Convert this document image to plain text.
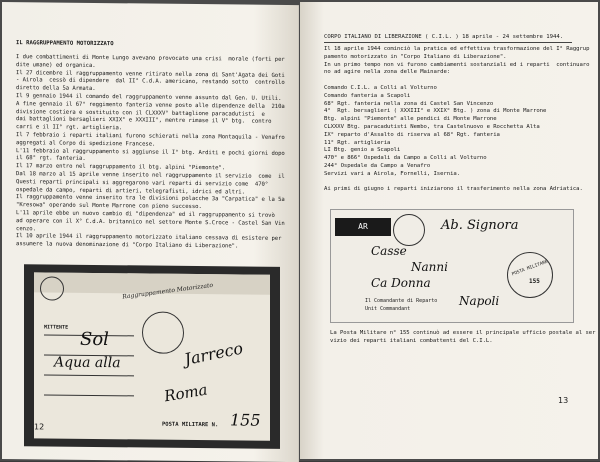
IL RAGGRUPPAMENTO MOTORIZZATO
I due combattimenti di Monte Lungo avevano provocato una crisi  morale (forti per
dite umane) ed organica.
Il 27 dicembre il raggruppamento venne ritirato nella zona di Sant'Agata dei Goti
- Airola  cessò di dipendere  dal II° C.d.A. americano, restando sotto  controllo
diretto della 5a Armata.
Il 9 gennaio 1944 il comando del raggruppamento venne assunto dal Gen. U. Utili.
A fine gennaio il 67° reggimento fanteria venne posto alle dipendenze della  210a
divisione costiera e sostituito con il CLXXXV° battaglione paracadutisti  e
dai battaglioni bersaglieri XXIX° e XXXIII°, mentre rimase il V° btg.  contro
carri e il II° rgt. artiglieria.
Il 7 febbraio i reparti italiani furono schierati nella zona Montaquila - Venafro
aggregati al Corpo di spedizione Francese.
L'11 febbraio al raggruppamento si aggiunse il I° btg. Arditi e pochi giorni dopo
il 68° rgt. fanteria.
Il 17 marzo entro nel raggruppamento il btg. alpini "Piemonte".
Dal 18 marzo al 15 aprile venne inserito nel raggruppamento il servizio  come  il
Questi reparti principali si aggregarono vari reparti di servizio come  470°
ospedale da campo, reparti di artieri, telegrafisti, idrici ed altri.
Il raggruppamento venne inserito tra le divisioni polacche 3a "Carpatica" e la 5a
"Kresowa" operando sul Monte Marrone con pieno successo.
L'11 aprile ebbe un nuovo cambio di "dipendenza" ed il raggruppamento si trovò
ad operare con il X° C.d.A. britannico nel settore Monte S.Croce - Castel San Vin
cenzo.
Il 10 aprile 1944 il raggruppamento motorizzato italiano cessava di esistere per
assumere la nuova denominazione di "Corpo Italiano di Liberazione".
Raggruppamento Motorizzato
MITTENTE
Sol
Aqua alla	Jarreco
Roma
POSTA MILITARE N. 155
12
CORPO ITALIANO DI LIBERAZIONE ( C.I.L. ) 18 aprile - 24 settembre 1944.
Il 18 aprile 1944 cominciò la pratica ed effettiva trasformazione del I° Raggrup
pamento motorizzato in "Corpo Italiano di Liberazione".
In un primo tempo non vi furono cambiamenti sostanziali ed i reparti  continuaro
no ad agire nella zona delle Mainarde:
Comando C.I.L. a Colli al Volturno
Comando fanteria a Scapoli
68° Rgt. fanteria nella zona di Castel San Vincenzo
4°  Rgt. bersaglieri ( XXXIII° e XXIX° Btg. ) zona di Monte Marrone
Btg. alpini "Piemonte" alle pendici di Monte Marrone
CLXXXV Btg. paracadutisti Nembo, tra Castelnuovo e Rocchetta Alta
IX° reparto d'Assalto di riserva al 68° Rgt. fanteria
11° Rgt. artiglieria
LI Btg. genio a Scapoli
470° e 866° Ospedali da Campo a Colli al Volturno
244° Ospedale da Campo a Venafro
Servizi vari a Airola, Fornelli, Isernia.
Ai primi di giugno i reparti iniziarono il trasferimento nella zona Adriatica.
AR	Ab. Signora
Casse
Nanni
Ca Donna
POSTA MILITARE
155
Il Comandante di Reparto
Unit Commandant
Napoli
La Posta Militare n° 155 continuò ad essere il principale ufficio postale al ser
vizio dei reparti italiani combattenti del C.I.L.
13
